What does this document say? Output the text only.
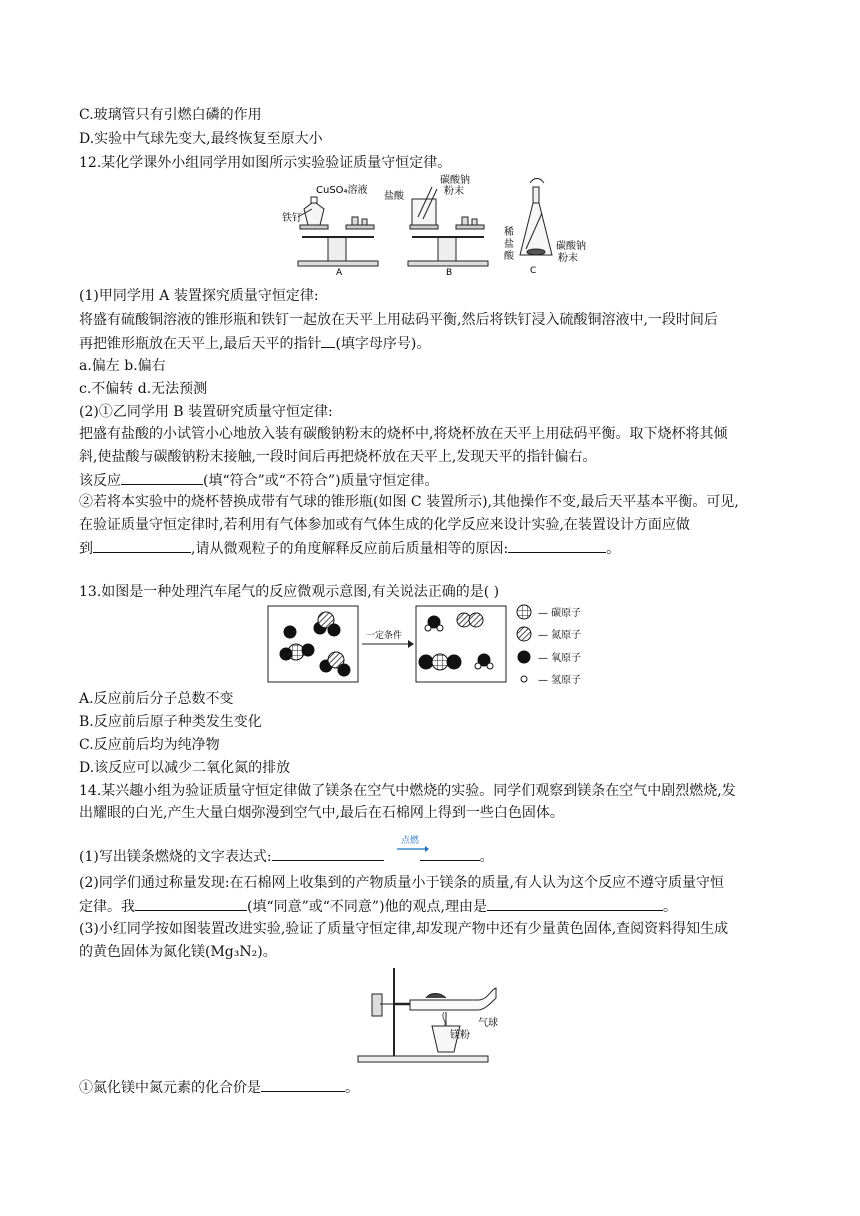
C.玻璃管只有引燃白磷的作用
D.实验中气球先变大,最终恢复至原大小
12.某化学课外小组同学用如图所示实验验证质量守恒定律。
CuSO₄溶液
铁钉
A
盐酸
碳酸钠
粉末
B
稀
盐
酸
碳酸钠
粉末
C
(1)甲同学用 A 装置探究质量守恒定律:
将盛有硫酸铜溶液的锥形瓶和铁钉一起放在天平上用砝码平衡,然后将铁钉浸入硫酸铜溶液中,一段时间后
再把锥形瓶放在天平上,最后天平的指针 (填字母序号)。
a.偏左 b.偏右
c.不偏转 d.无法预测
(2)①乙同学用 B 装置研究质量守恒定律:
把盛有盐酸的小试管小心地放入装有碳酸钠粉末的烧杯中,将烧杯放在天平上用砝码平衡。取下烧杯将其倾
斜,使盐酸与碳酸钠粉末接触,一段时间后再把烧杯放在天平上,发现天平的指针偏右。
该反应	(填“符合”或“不符合”)质量守恒定律。
②若将本实验中的烧杯替换成带有气球的锥形瓶(如图 C 装置所示),其他操作不变,最后天平基本平衡。可见,
在验证质量守恒定律时,若利用有气体参加或有气体生成的化学反应来设计实验,在装置设计方面应做
到	,请从微观粒子的角度解释反应前后质量相等的原因:	。
13.如图是一种处理汽车尾气的反应微观示意图,有关说法正确的是( )
一定条件
— 碳原子
— 氮原子
— 氧原子
— 氢原子
A.反应前后分子总数不变
B.反应前后原子种类发生变化
C.反应前后均为纯净物
D.该反应可以减少二氧化氮的排放
14.某兴趣小组为验证质量守恒定律做了镁条在空气中燃烧的实验。同学们观察到镁条在空气中剧烈燃烧,发
出耀眼的白光,产生大量白烟弥漫到空气中,最后在石棉网上得到一些白色固体。
(1)写出镁条燃烧的文字表达式:	。
点燃
(2)同学们通过称量发现:在石棉网上收集到的产物质量小于镁条的质量,有人认为这个反应不遵守质量守恒
定律。我	(填“同意”或“不同意”)他的观点,理由是	。
(3)小红同学按如图装置改进实验,验证了质量守恒定律,却发现产物中还有少量黄色固体,查阅资料得知生成
的黄色固体为氮化镁(Mg₃N₂)。
气球
镁粉
①氮化镁中氮元素的化合价是	。
